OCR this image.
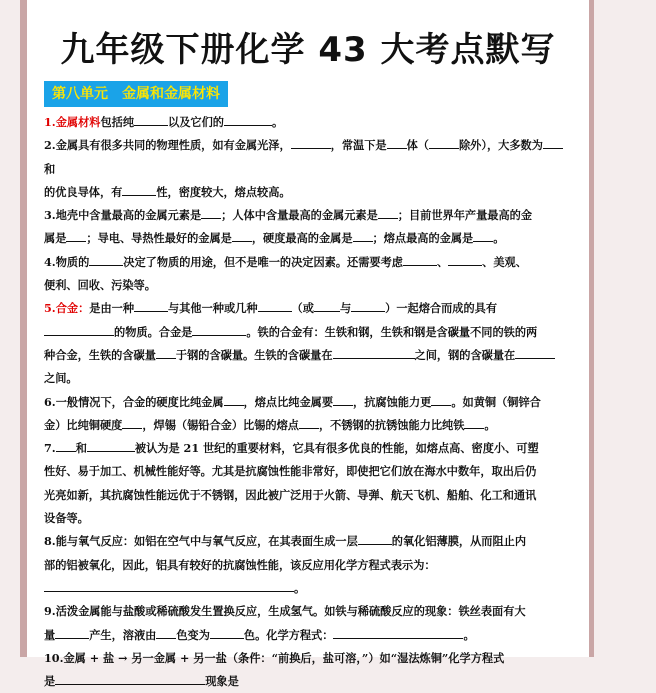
九年级下册化学 43 大考点默写
第八单元　金属和金属材料

1.金属材料包括纯	以及它们的	。

2.金属具有很多共同的物理性质，如有金属光泽，	，常温下是 体（	除外），大多数为和
的优良导体，有	性，密度较大，熔点较高。

3.地壳中含量最高的金属元素是 ；人体中含量最高的金属元素是 ；目前世界年产量最高的金
属是 ；导电、导热性最好的金属是 ，硬度最高的金属是 ；熔点最高的金属是 。

4.物质的	决定了物质的用途，但不是唯一的决定因素。还需要考虑	、	、美观、
便利、回收、污染等。

5.合金：是由一种	与其他一种或几种	（或 与	）一起熔合而成的具有
的物质。合金是	。铁的合金有：生铁和钢，生铁和钢是含碳量不同的铁的两
种合金，生铁的含碳量 于钢的含碳量。生铁的含碳量在	之间，钢的含碳量在
之间。

6.一般情况下，合金的硬度比纯金属 ，熔点比纯金属要 ，抗腐蚀能力更 。如黄铜（铜锌合
金）比纯铜硬度 ，焊锡（锡铅合金）比锡的熔点 ，不锈钢的抗锈蚀能力比纯铁 。

7. 和	被认为是 21 世纪的重要材料，它具有很多优良的性能，如熔点高、密度小、可塑
性好、易于加工、机械性能好等。尤其是抗腐蚀性能非常好，即使把它们放在海水中数年，取出后仍
光亮如新，其抗腐蚀性能远优于不锈钢，因此被广泛用于火箭、导弹、航天飞机、船舶、化工和通讯
设备等。

8.能与氧气反应：如铝在空气中与氧气反应，在其表面生成一层	的氧化铝薄膜，从而阻止内
部的铝被氧化，因此，铝具有较好的抗腐蚀性能，该反应用化学方程式表示为：
。

9.活泼金属能与盐酸或稀硫酸发生置换反应，生成氢气。如铁与稀硫酸反应的现象：铁丝表面有大
量	产生，溶液由 色变为	色。化学方程式：	。

10.金属 + 盐 → 另一金属 + 另一盐（条件：“前换后，盐可溶，”）如“湿法炼铜”化学方程式
是	现象是
